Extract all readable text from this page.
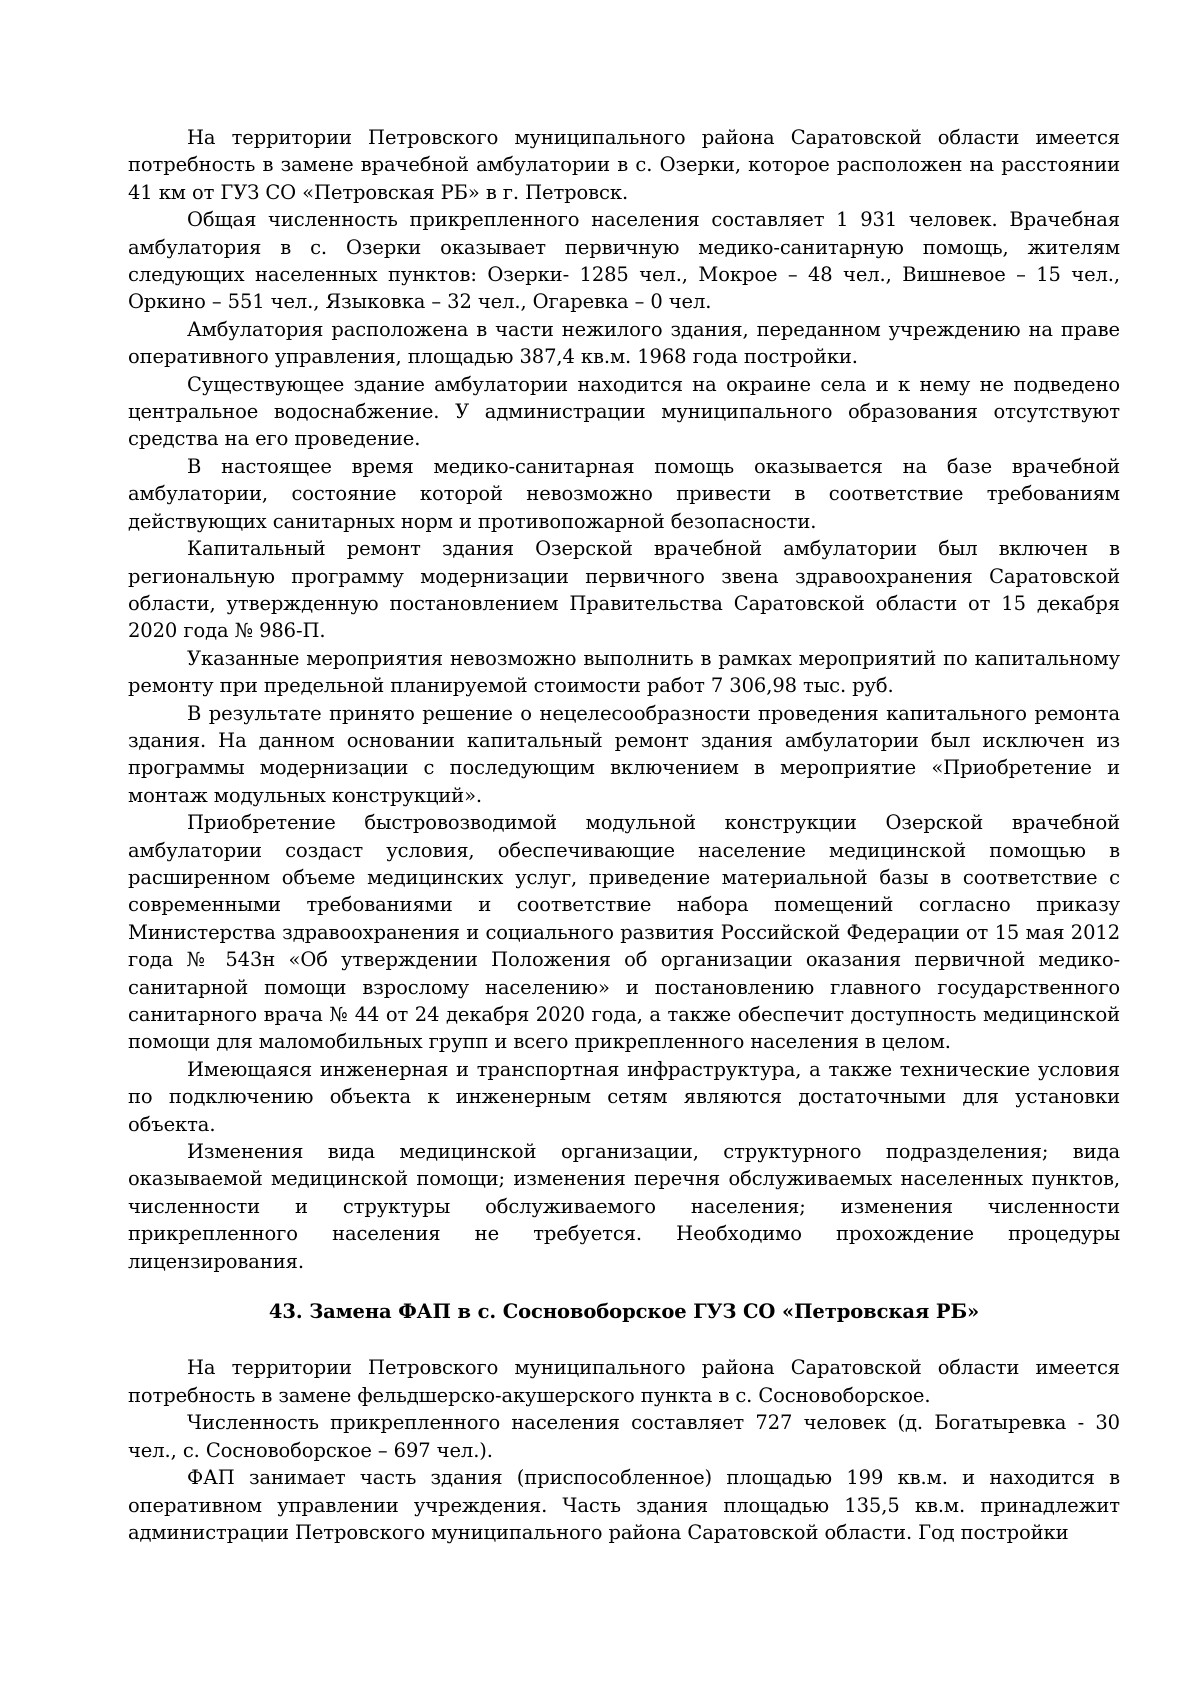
На территории Петровского муниципального района Саратовской области имеется потребность в замене врачебной амбулатории в с. Озерки, которое расположен на расстоянии 41 км от ГУЗ СО «Петровская РБ» в г. Петровск.

Общая численность прикрепленного населения составляет 1 931 человек. Врачебная амбулатория в с. Озерки оказывает первичную медико-санитарную помощь, жителям следующих населенных пунктов: Озерки- 1285 чел., Мокрое – 48 чел., Вишневое – 15 чел., Оркино – 551 чел., Языковка – 32 чел., Огаревка – 0 чел.

Амбулатория расположена в части нежилого здания, переданном учреждению на праве оперативного управления, площадью 387,4 кв.м. 1968 года постройки.

Существующее здание амбулатории находится на окраине села и к нему не подведено центральное водоснабжение. У администрации муниципального образования отсутствуют средства на его проведение.

В настоящее время медико-санитарная помощь оказывается на базе врачебной амбулатории, состояние которой невозможно привести в соответствие требованиям действующих санитарных норм и противопожарной безопасности.

Капитальный ремонт здания Озерской врачебной амбулатории был включен в региональную программу модернизации первичного звена здравоохранения Саратовской области, утвержденную постановлением Правительства Саратовской области от 15 декабря 2020 года № 986-П.

Указанные мероприятия невозможно выполнить в рамках мероприятий по капитальному ремонту при предельной планируемой стоимости работ 7 306,98 тыс. руб.

В результате принято решение о нецелесообразности проведения капитального ремонта здания. На данном основании капитальный ремонт здания амбулатории был исключен из программы модернизации с последующим включением в мероприятие «Приобретение и монтаж модульных конструкций».

Приобретение быстровозводимой модульной конструкции Озерской врачебной амбулатории создаст условия, обеспечивающие население медицинской помощью в расширенном объеме медицинских услуг, приведение материальной базы в соответствие с современными требованиями и соответствие набора помещений согласно приказу Министерства здравоохранения и социального развития Российской Федерации от 15 мая 2012 года № 543н «Об утверждении Положения об организации оказания первичной медико-санитарной помощи взрослому населению» и постановлению главного государственного санитарного врача № 44 от 24 декабря 2020 года, а также обеспечит доступность медицинской помощи для маломобильных групп и всего прикрепленного населения в целом.

Имеющаяся инженерная и транспортная инфраструктура, а также технические условия по подключению объекта к инженерным сетям являются достаточными для установки объекта.

Изменения вида медицинской организации, структурного подразделения; вида оказываемой медицинской помощи; изменения перечня обслуживаемых населенных пунктов, численности и структуры обслуживаемого населения; изменения численности прикрепленного населения не требуется. Необходимо прохождение процедуры лицензирования.

43. Замена ФАП в с. Сосновоборское ГУЗ СО «Петровская РБ»

На территории Петровского муниципального района Саратовской области имеется потребность в замене фельдшерско-акушерского пункта в с. Сосновоборское.

Численность прикрепленного населения составляет 727 человек (д. Богатыревка - 30 чел., с. Сосновоборское – 697 чел.).

ФАП занимает часть здания (приспособленное) площадью 199 кв.м. и находится в оперативном управлении учреждения. Часть здания площадью 135,5 кв.м. принадлежит администрации Петровского муниципального района Саратовской области. Год постройки
